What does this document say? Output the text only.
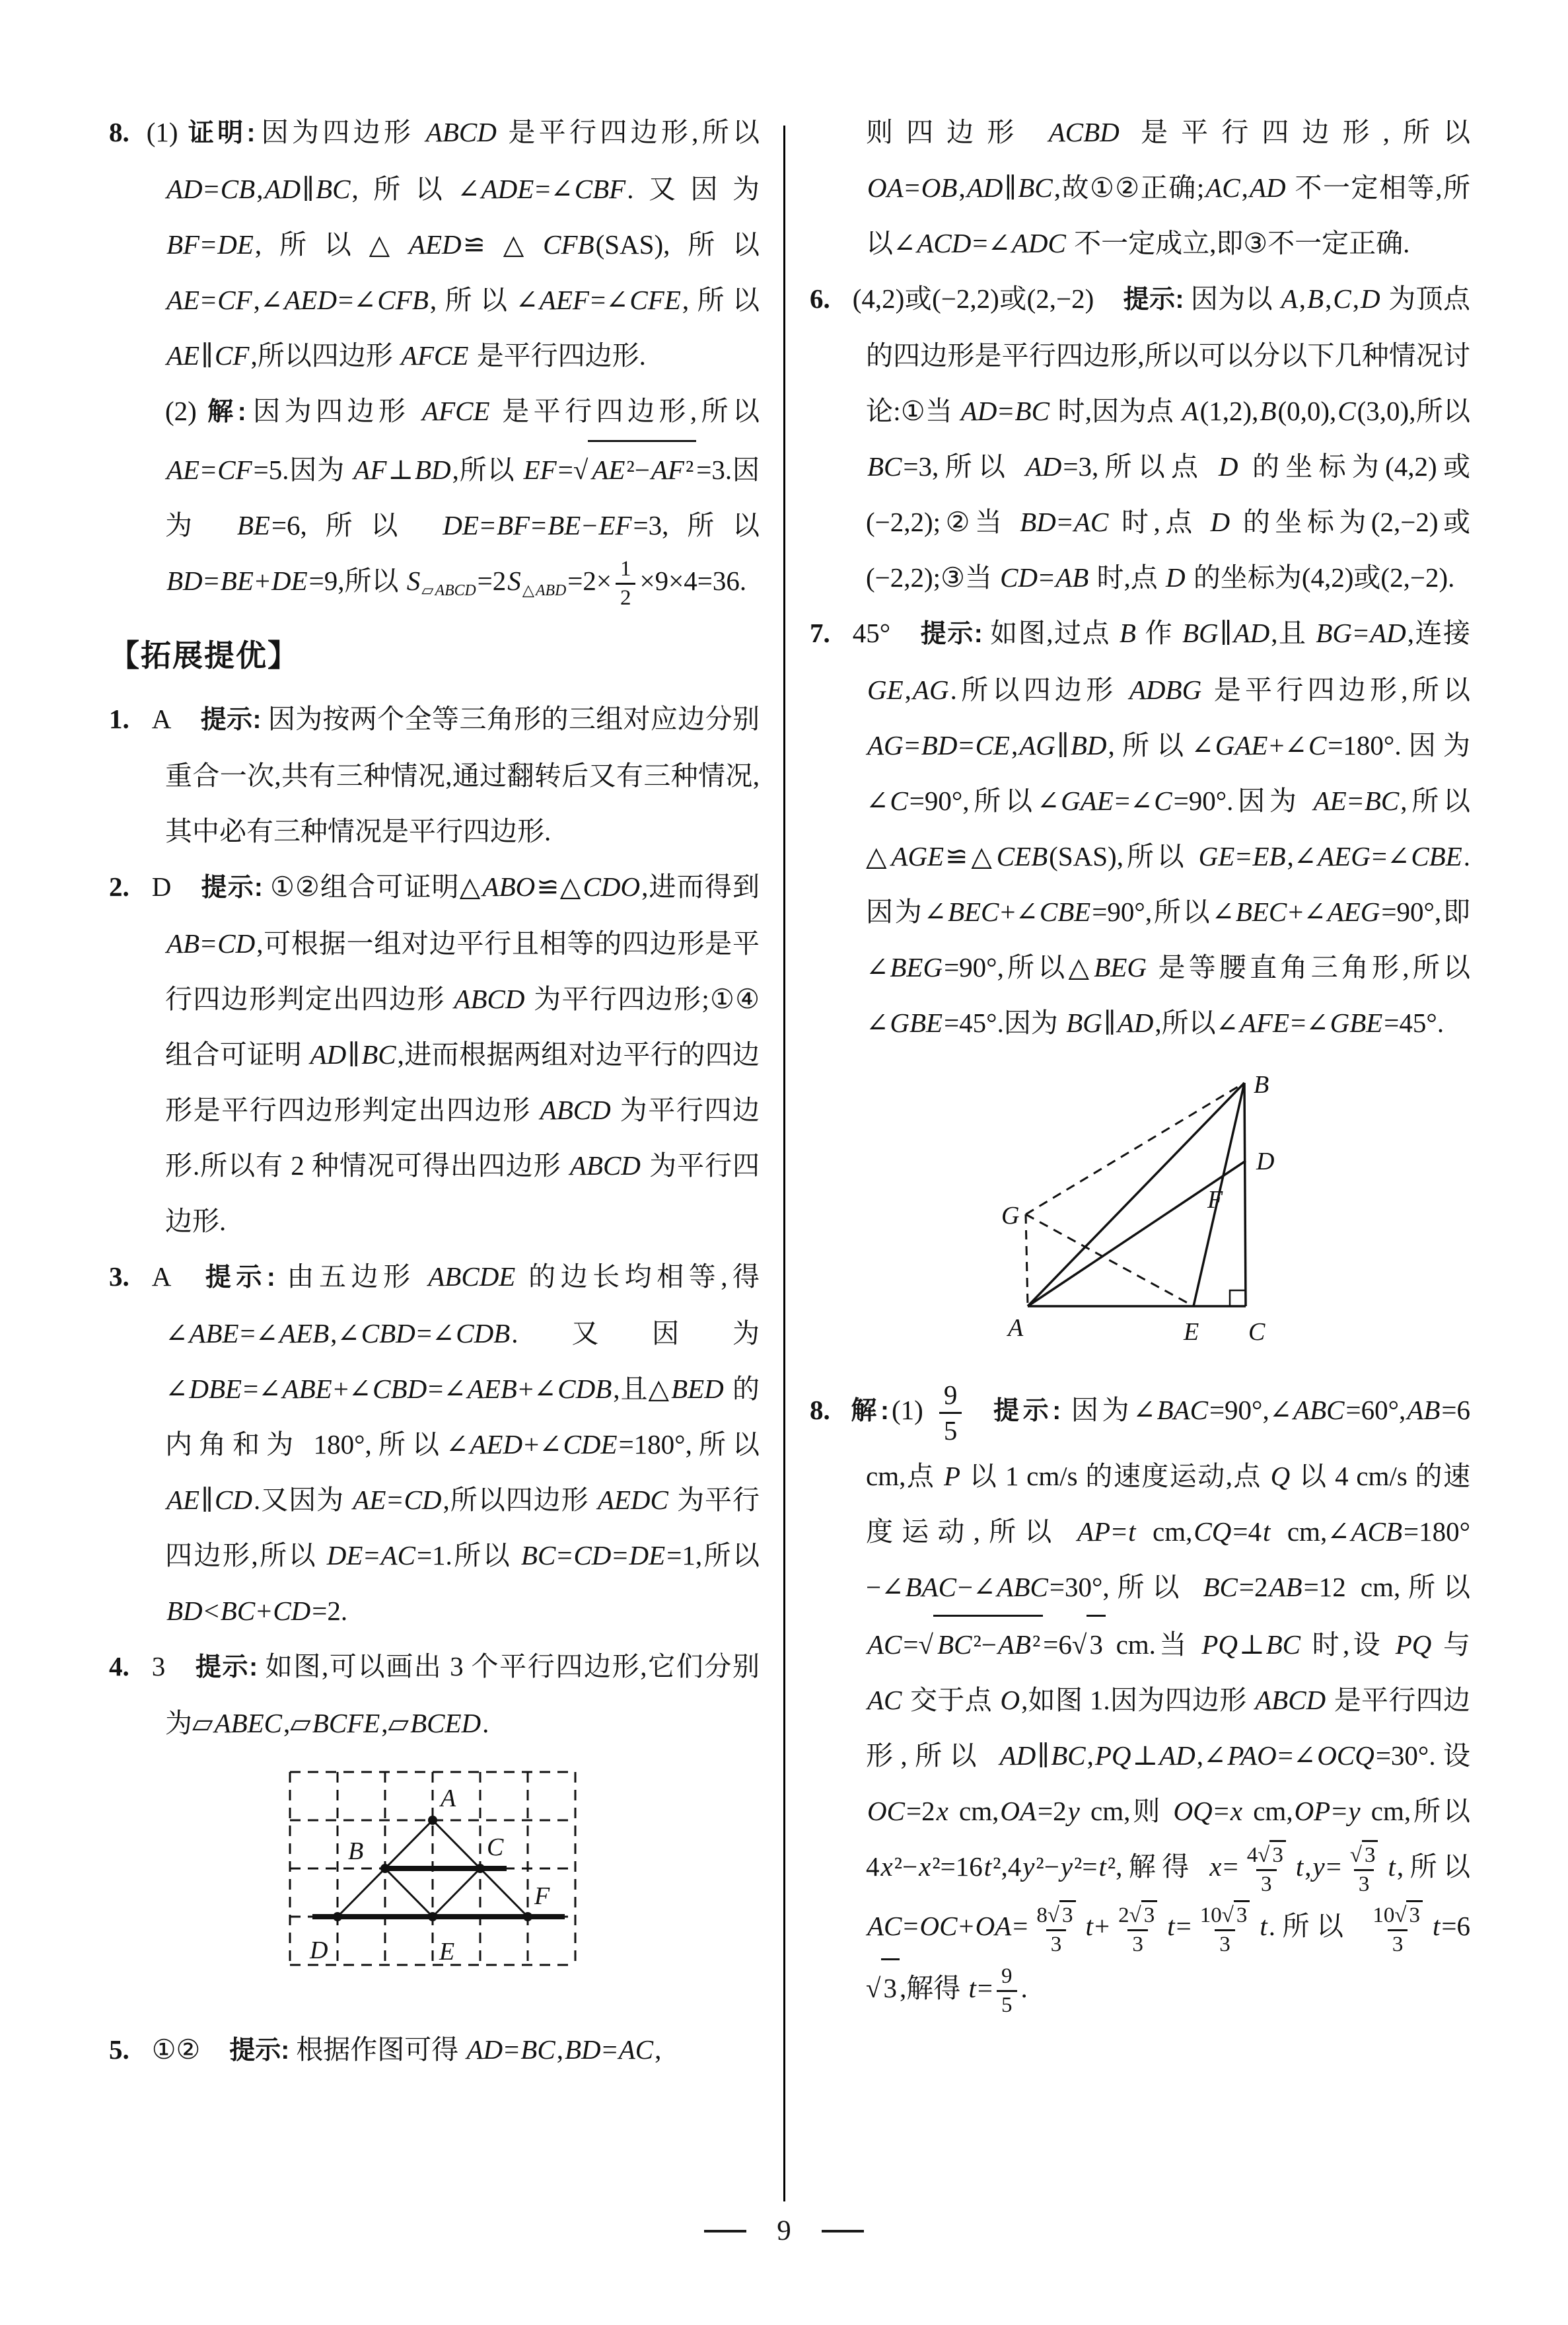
8. (1) 证明:因为四边形 ABCD 是平行四边形,所以 AD=CB,AD∥BC,所以∠ADE=∠CBF.又因为 BF=DE,所以△AED≌△CFB(SAS),所以 AE=CF,∠AED=∠CFB,所以∠AEF=∠CFE,所以 AE∥CF,所以四边形 AFCE 是平行四边形.
(2) 解:因为四边形 AFCE 是平行四边形,所以 AE=CF=5.因为 AF⊥BD,所以 EF= √ AE²−AF² =3.因为 BE=6,所以 DE=BF=BE−EF=3,所以 BD=BE+DE=9,所以 $S_{▱ABCD}=2S_{\triangle ABD}=2\times \frac{1}{2} \times 9\times 4=36$.
【拓展提优】
1. A 提示: 因为按两个全等三角形的三组对应边分别重合一次,共有三种情况,通过翻转后又有三种情况,其中必有三种情况是平行四边形.
2. D 提示: ①②组合可证明△ABO≌△CDO,进而得到 AB=CD,可根据一组对边平行且相等的四边形是平行四边形判定出四边形 ABCD 为平行四边形;①④组合可证明 AD∥BC,进而根据两组对边平行的四边形是平行四边形判定出四边形 ABCD 为平行四边形.所以有 2 种情况可得出四边形 ABCD 为平行四边形.
3. A 提示: 由五边形 ABCDE 的边长均相等,得∠ABE=∠AEB,∠CBD=∠CDB.又因为∠DBE=∠ABE+∠CBD=∠AEB+∠CDB,且△BED 的内角和为 180°,所以∠AED+∠CDE=180°,所以 AE∥CD.又因为 AE=CD,所以四边形 AEDC 为平行四边形,所以 DE=AC=1.所以 BC=CD=DE=1,所以 BD<BC+CD=2.
4. 3 提示: 如图,可以画出 3 个平行四边形,它们分别为▱ABEC,▱BCFE,▱BCED.
A
B	C
D	E
F
5. ①② 提示: 根据作图可得 AD=BC,BD=AC,
则四边形 ACBD 是平行四边形,所以 OA=OB,AD∥BC,故①②正确;AC,AD 不一定相等,所以∠ACD=∠ADC 不一定成立,即③不一定正确.
6. (4,2)或(−2,2)或(2,−2) 提示: 因为以 A,B,C,D 为顶点的四边形是平行四边形,所以可以分以下几种情况讨论:①当 AD=BC 时,因为点 A(1,2),B(0,0),C(3,0),所以 BC=3,所以 AD=3,所以点 D 的坐标为(4,2)或(−2,2);②当 BD=AC 时,点 D 的坐标为(2,−2)或(−2,2);③当 CD=AB 时,点 D 的坐标为(4,2)或(2,−2).
7. 45° 提示: 如图,过点 B 作 BG∥AD,且 BG=AD,连接 GE,AG.所以四边形 ADBG 是平行四边形,所以 AG=BD=CE,AG∥BD,所以∠GAE+∠C=180°.因为∠C=90°,所以∠GAE=∠C=90°.因为 AE=BC,所以△AGE≌△CEB(SAS),所以 GE=EB,∠AEG=∠CBE.因为∠BEC+∠CBE=90°,所以∠BEC+∠AEG=90°,即∠BEG=90°,所以△BEG 是等腰直角三角形,所以∠GBE=45°.因为 BG∥AD,所以∠AFE=∠GBE=45°.
B
D
F
G
A	E C
8. 解:(1) $\frac{9}{5}$ 提示: 因为∠BAC=90°,∠ABC=60°,AB=6 cm,点 P 以 1 cm/s 的速度运动,点 Q 以 4 cm/s 的速度运动,所以 AP=t cm,CQ=4t cm,∠ACB=180°−∠BAC−∠ABC=30°,所以 BC=2AB=12 cm,所以 AC= √ BC²−AB² =6 √ 3 cm.当 PQ⊥BC 时,设 PQ 与 AC 交于点 O,如图 1.因为四边形 ABCD 是平行四边形,所以 AD∥BC,PQ⊥AD,∠PAO=∠OCQ=30°.设 OC=2x cm,OA=2y cm,则 OQ=x cm,OP=y cm,所以 4x²−x²=16t²,4y²−y²=t²,解得 $x= \frac{4 √ 3}{3} t,y= \frac{√ 3}{3} t$,所以 $AC=OC+OA= \frac{8 √ 3}{3} t+ \frac{2 √ 3}{3} t= \frac{10 √ 3}{3} t$.所以 $\frac{10 √ 3}{3} t=6$
√ 3 ,解得 $t= \frac{9}{5}$ .
9
